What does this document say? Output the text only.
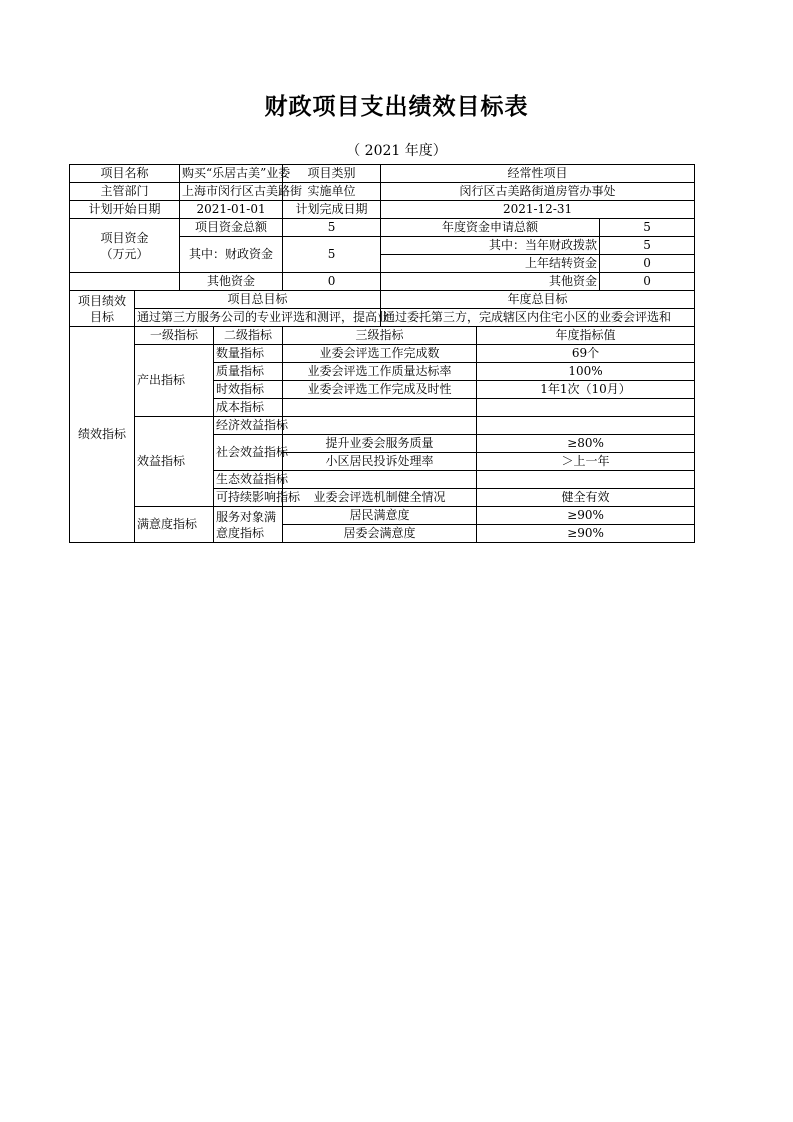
财政项目支出绩效目标表
（ 2021 年度）
项目名称		购买“乐居古美”业委		项目类别	经常性项目		
主管部门		上海市闵行区古美路街		实施单位	闵行区古美路街道房管办事处		
计划开始日期		2021-01-01		计划完成日期	2021-12-31		
项目资金
（万元）		项目资金总额		5	年度资金申请总额		5
		其中：财政资金		5	其中：当年财政拨款		5
					上年结转资金		0
		其他资金		0	其他资金		0
项目绩效
目标	项目总目标				年度总目标		
	通过第三方服务公司的专业评选和测评，提高业				通过委托第三方，完成辖区内住宅小区的业委会评选和		
绩效指标	一级指标		二级指标	三级指标		年度指标值	
	产出指标		数量指标	业委会评选工作完成数		69个	
			质量指标	业委会评选工作质量达标率		100%	
			时效指标	业委会评选工作完成及时性		1年1次（10月）	
			成本指标				
	效益指标		经济效益指标				
			社会效益指标	提升业委会服务质量		≥80%	
				小区居民投诉处理率		＞上一年	
			生态效益指标				
			可持续影响指标	业委会评选机制健全情况		健全有效	
	满意度指标		服务对象满意度指标	居民满意度		≥90%	
				居委会满意度		≥90%	
